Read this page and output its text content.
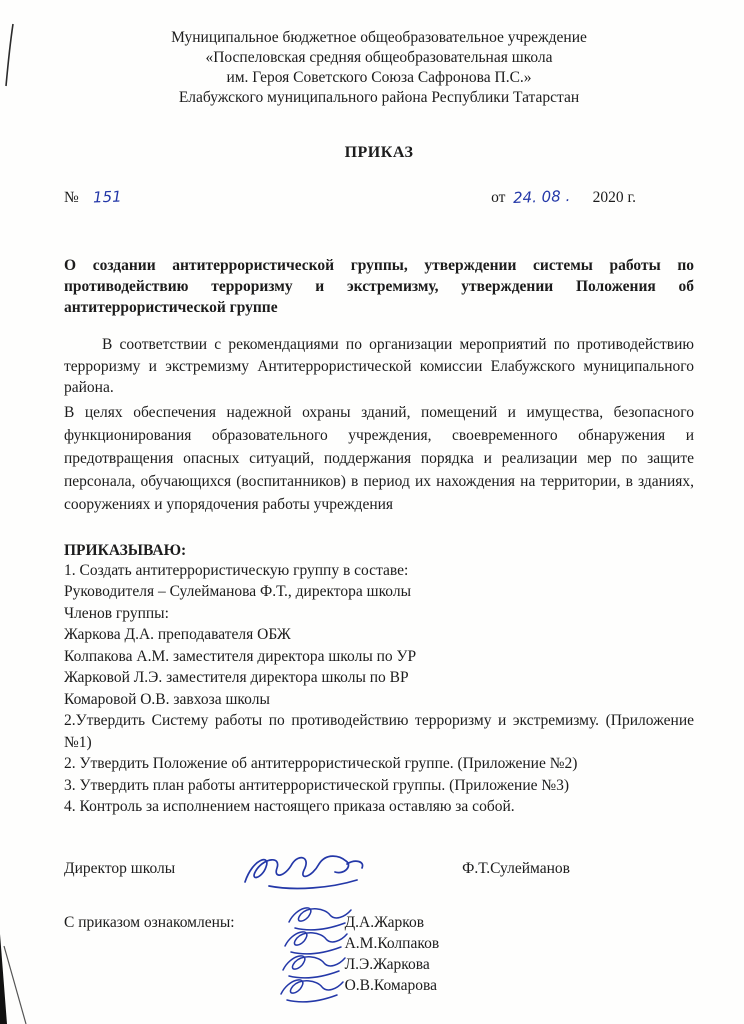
Муниципальное бюджетное общеобразовательное учреждение
«Поспеловская средняя общеобразовательная школа
им. Героя Советского Союза Сафронова П.С.»
Елабужского муниципального района Республики Татарстан
ПРИКАЗ
№ 151	от 24. 08 . 2020 г.

О создании антитеррористической группы, утверждении системы работы по противодействию терроризму и экстремизму, утверждении Положения об антитеррористической группе

В соответствии с рекомендациями по организации мероприятий по противодействию терроризму и экстремизму Антитеррористической комиссии Елабужского муниципального района.

В целях обеспечения надежной охраны зданий, помещений и имущества, безопасного функционирования образовательного учреждения, своевременного обнаружения и предотвращения опасных ситуаций, поддержания порядка и реализации мер по защите персонала, обучающихся (воспитанников) в период их нахождения на территории, в зданиях, сооружениях и упорядочения работы учреждения

ПРИКАЗЫВАЮ:

1. Создать антитеррористическую группу в составе:

Руководителя – Сулейманова Ф.Т., директора школы

Членов группы:

Жаркова Д.А. преподавателя ОБЖ

Колпакова А.М. заместителя директора школы по УР

Жарковой Л.Э. заместителя директора школы по ВР

Комаровой О.В. завхоза школы

2.Утвердить Систему работы по противодействию терроризму и экстремизму. (Приложение №1)

2. Утвердить Положение об антитеррористической группе. (Приложение №2)

3. Утвердить план работы антитеррористической группы. (Приложение №3)

4. Контроль за исполнением настоящего приказа оставляю за собой.

Директор школы	Ф.Т.Сулейманов
С приказом ознакомлены:	Д.А.Жарков
А.М.Колпаков
Л.Э.Жаркова
О.В.Комарова
